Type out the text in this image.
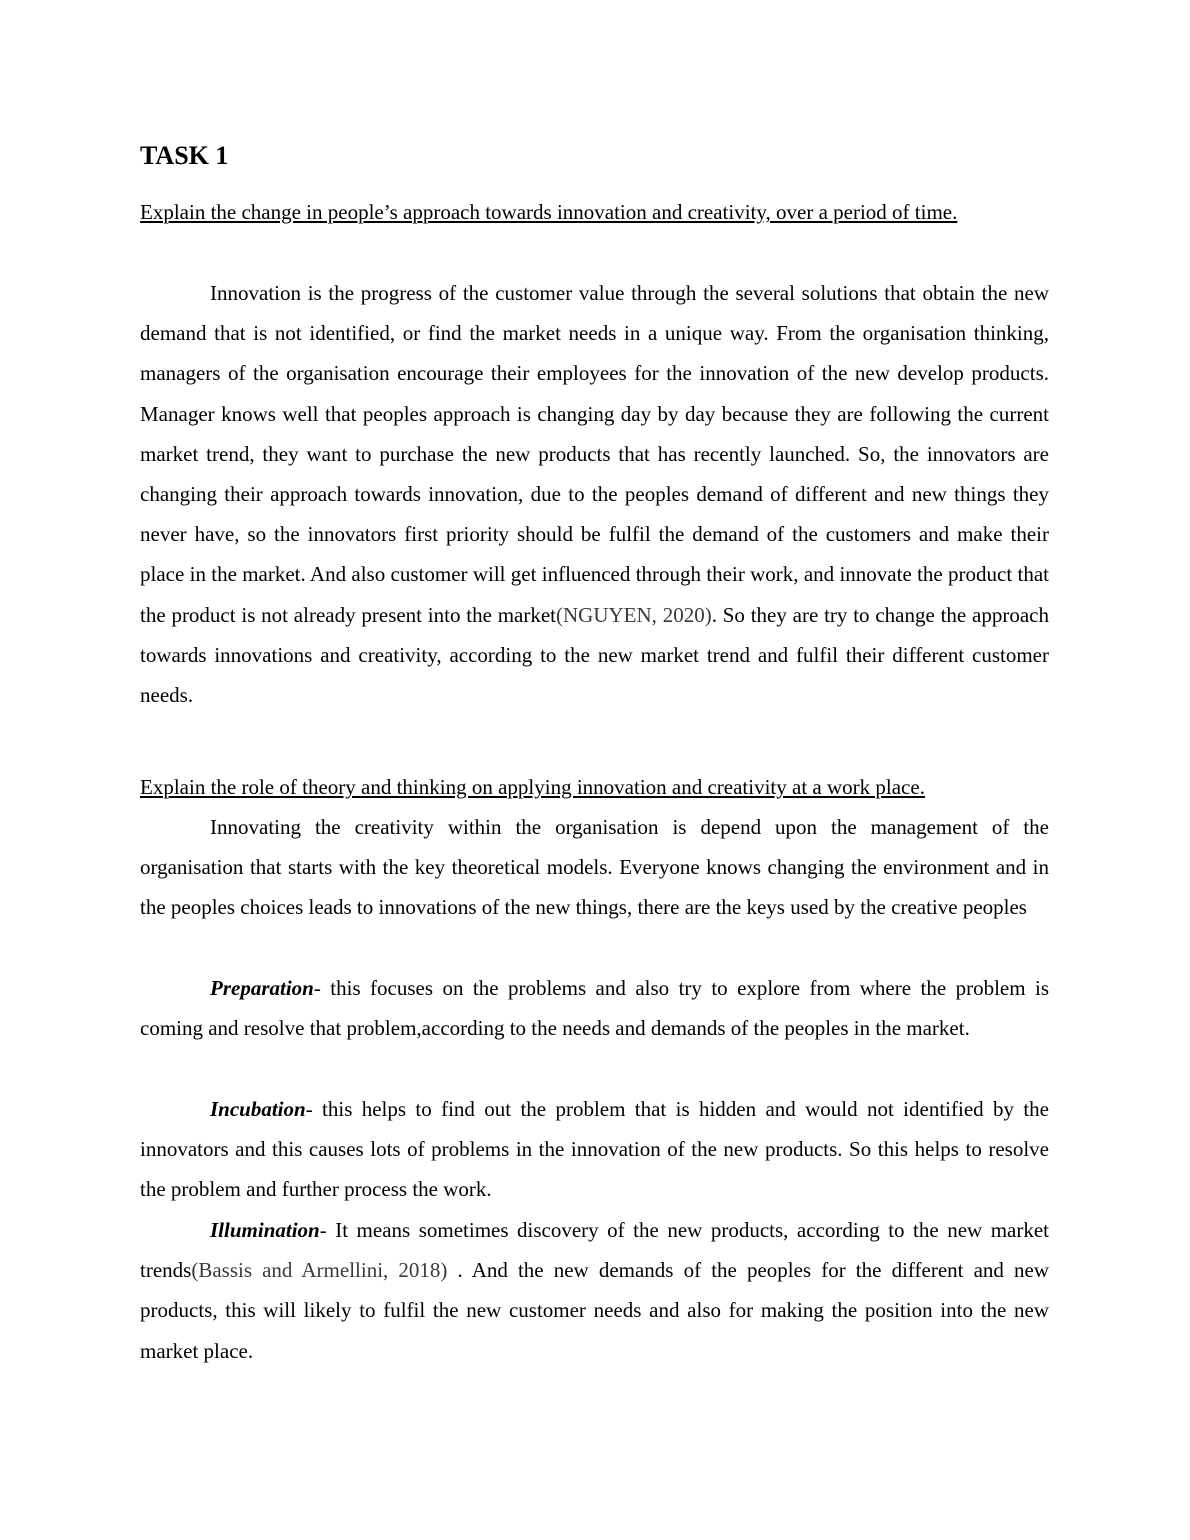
TASK 1

Explain the change in people’s approach towards innovation and creativity, over a period of time.

Innovation is the progress of the customer value through the several solutions that obtain the new demand that is not identified, or find the market needs in a unique way. From the organisation thinking, managers of the organisation encourage their employees for the innovation of the new develop products. Manager knows well that peoples approach is changing day by day because they are following the current market trend, they want to purchase the new products that has recently launched. So, the innovators are changing their approach towards innovation, due to the peoples demand of different and new things they never have, so the innovators first priority should be fulfil the demand of the customers and make their place in the market. And also customer will get influenced through their work, and innovate the product that the product is not already present into the market(NGUYEN, 2020). So they are try to change the approach towards innovations and creativity, according to the new market trend and fulfil their different customer needs.

Explain the role of theory and thinking on applying innovation and creativity at a work place.

Innovating the creativity within the organisation is depend upon the management of the organisation that starts with the key theoretical models. Everyone knows changing the environment and in the peoples choices leads to innovations of the new things, there are the keys used by the creative peoples

Preparation- this focuses on the problems and also try to explore from where the problem is coming and resolve that problem,according to the needs and demands of the peoples in the market.

Incubation- this helps to find out the problem that is hidden and would not identified by the innovators and this causes lots of problems in the innovation of the new products. So this helps to resolve the problem and further process the work.

Illumination- It means sometimes discovery of the new products, according to the new market trends(Bassis and Armellini, 2018) . And the new demands of the peoples for the different and new products, this will likely to fulfil the new customer needs and also for making the position into the new market place.
